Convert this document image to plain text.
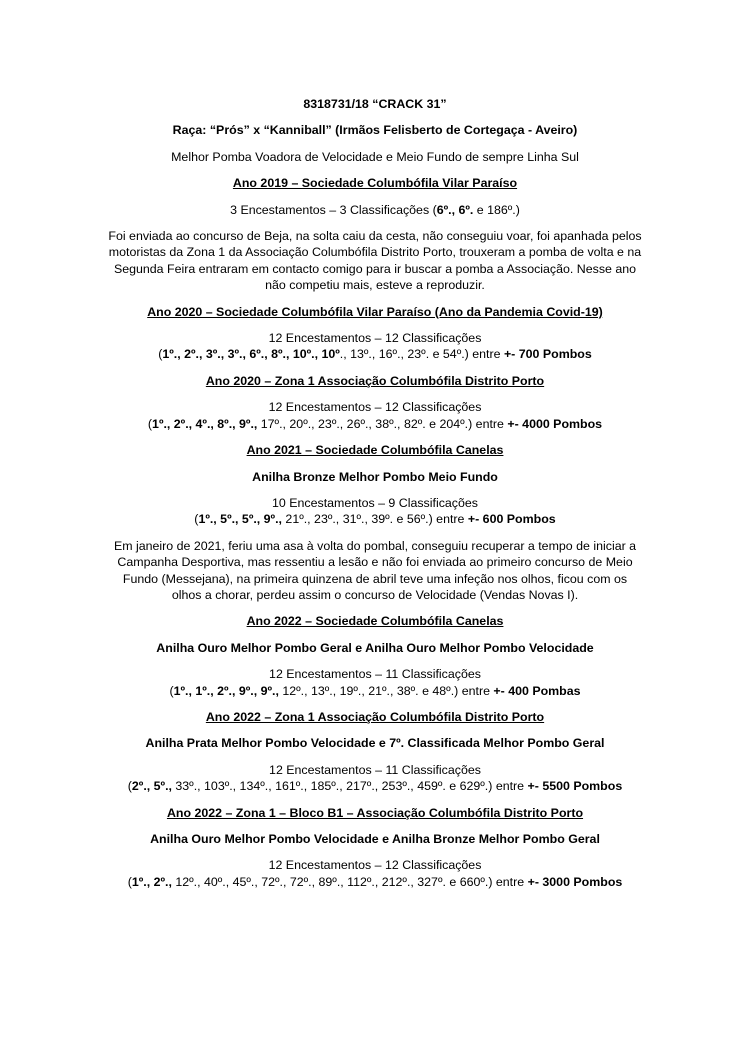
8318731/18 “CRACK 31”

Raça: “Prós” x “Kanniball” (Irmãos Felisberto de Cortegaça - Aveiro)

Melhor Pomba Voadora de Velocidade e Meio Fundo de sempre Linha Sul

Ano 2019 – Sociedade Columbófila Vilar Paraíso

3 Encestamentos – 3 Classificações (6º., 6º. e 186º.)

Foi enviada ao concurso de Beja, na solta caiu da cesta, não conseguiu voar, foi apanhada pelos motoristas da Zona 1 da Associação Columbófila Distrito Porto, trouxeram a pomba de volta e na Segunda Feira entraram em contacto comigo para ir buscar a pomba a Associação. Nesse ano não competiu mais, esteve a reproduzir.

Ano 2020 – Sociedade Columbófila Vilar Paraíso (Ano da Pandemia Covid-19)

12 Encestamentos – 12 Classificações
(1º., 2º., 3º., 3º., 6º., 8º., 10º., 10º., 13º., 16º., 23º. e 54º.) entre +- 700 Pombos

Ano 2020 – Zona 1 Associação Columbófila Distrito Porto

12 Encestamentos – 12 Classificações
(1º., 2º., 4º., 8º., 9º., 17º., 20º., 23º., 26º., 38º., 82º. e 204º.) entre +- 4000 Pombos

Ano 2021 – Sociedade Columbófila Canelas

Anilha Bronze Melhor Pombo Meio Fundo

10 Encestamentos – 9 Classificações
(1º., 5º., 5º., 9º., 21º., 23º., 31º., 39º. e 56º.) entre +- 600 Pombos

Em janeiro de 2021, feriu uma asa à volta do pombal, conseguiu recuperar a tempo de iniciar a Campanha Desportiva, mas ressentiu a lesão e não foi enviada ao primeiro concurso de Meio Fundo (Messejana), na primeira quinzena de abril teve uma infeção nos olhos, ficou com os olhos a chorar, perdeu assim o concurso de Velocidade (Vendas Novas I).

Ano 2022 – Sociedade Columbófila Canelas

Anilha Ouro Melhor Pombo Geral e Anilha Ouro Melhor Pombo Velocidade

12 Encestamentos – 11 Classificações
(1º., 1º., 2º., 9º., 9º., 12º., 13º., 19º., 21º., 38º. e 48º.) entre +- 400 Pombas

Ano 2022 – Zona 1 Associação Columbófila Distrito Porto

Anilha Prata Melhor Pombo Velocidade e 7º. Classificada Melhor Pombo Geral

12 Encestamentos – 11 Classificações
(2º., 5º., 33º., 103º., 134º., 161º., 185º., 217º., 253º., 459º. e 629º.) entre +- 5500 Pombos

Ano 2022 – Zona 1 – Bloco B1 – Associação Columbófila Distrito Porto

Anilha Ouro Melhor Pombo Velocidade e Anilha Bronze Melhor Pombo Geral

12 Encestamentos – 12 Classificações
(1º., 2º., 12º., 40º., 45º., 72º., 72º., 89º., 112º., 212º., 327º. e 660º.) entre +- 3000 Pombos
